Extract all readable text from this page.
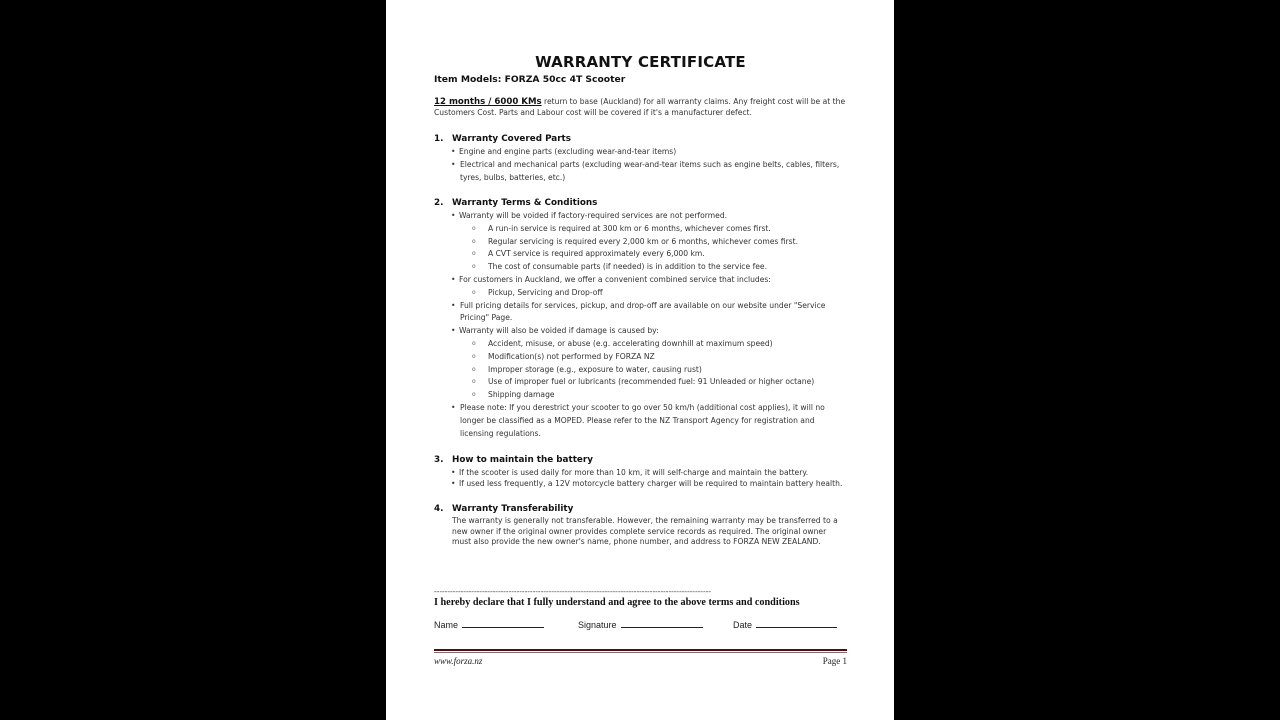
WARRANTY CERTIFICATE
Item Models: FORZA 50cc 4T Scooter
12 months / 6000 KMs return to base (Auckland) for all warranty claims. Any freight cost will be at the Customers Cost. Parts and Labour cost will be covered if it's a manufacturer defect.
1. Warranty Covered Parts
• Engine and engine parts (excluding wear-and-tear items)
• Electrical and mechanical parts (excluding wear-and-tear items such as engine belts, cables, filters, tyres, bulbs, batteries, etc.)
2. Warranty Terms & Conditions
• Warranty will be voided if factory-required services are not performed.
o A run-in service is required at 300 km or 6 months, whichever comes first.
o Regular servicing is required every 2,000 km or 6 months, whichever comes first.
o A CVT service is required approximately every 6,000 km.
o The cost of consumable parts (if needed) is in addition to the service fee.
• For customers in Auckland, we offer a convenient combined service that includes:
o Pickup, Servicing and Drop-off
• Full pricing details for services, pickup, and drop-off are available on our website under "Service Pricing" Page.
• Warranty will also be voided if damage is caused by:
o Accident, misuse, or abuse (e.g. accelerating downhill at maximum speed)
o Modification(s) not performed by FORZA NZ
o Improper storage (e.g., exposure to water, causing rust)
o Use of improper fuel or lubricants (recommended fuel: 91 Unleaded or higher octane)
o Shipping damage
• Please note: If you derestrict your scooter to go over 50 km/h (additional cost applies), it will no longer be classified as a MOPED. Please refer to the NZ Transport Agency for registration and licensing regulations.
3. How to maintain the battery
• If the scooter is used daily for more than 10 km, it will self-charge and maintain the battery.
• If used less frequently, a 12V motorcycle battery charger will be required to maintain battery health.
4. Warranty Transferability
The warranty is generally not transferable. However, the remaining warranty may be transferred to a new owner if the original owner provides complete service records as required. The original owner must also provide the new owner's name, phone number, and address to FORZA NEW ZEALAND.
--------------------------------------------------------------------------------------------------------
I hereby declare that I fully understand and agree to the above terms and conditions
Name	Signature	Date
www.forza.nz	Page 1
